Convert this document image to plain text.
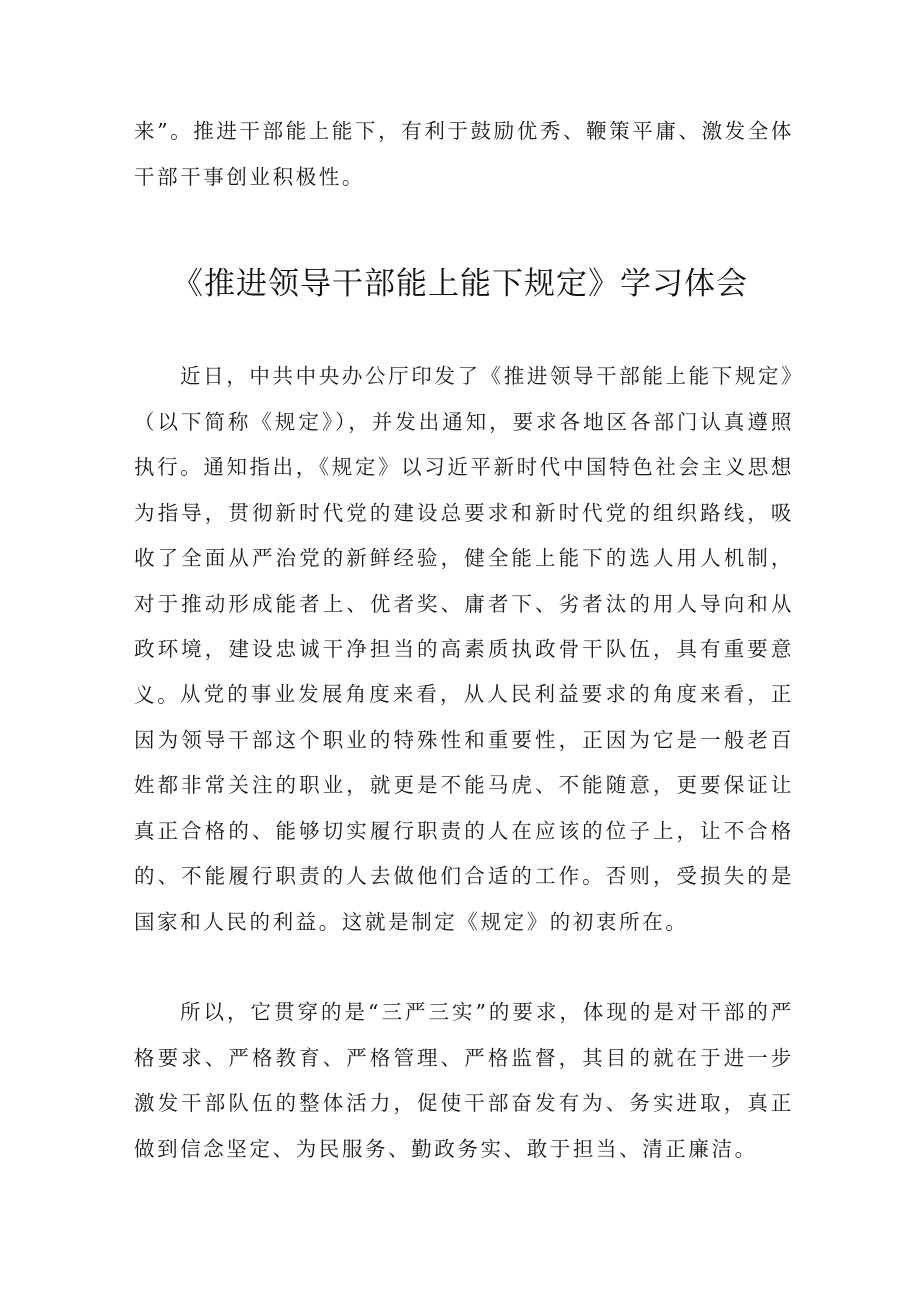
来”。推进干部能上能下，有利于鼓励优秀、鞭策平庸、激发全体干部干事创业积极性。

《推进领导干部能上能下规定》学习体会

近日，中共中央办公厅印发了《推进领导干部能上能下规定》（以下简称《规定》），并发出通知，要求各地区各部门认真遵照执行。通知指出，《规定》以习近平新时代中国特色社会主义思想为指导，贯彻新时代党的建设总要求和新时代党的组织路线，吸收了全面从严治党的新鲜经验，健全能上能下的选人用人机制，对于推动形成能者上、优者奖、庸者下、劣者汰的用人导向和从政环境，建设忠诚干净担当的高素质执政骨干队伍，具有重要意义。 从党的事业发展角度来看，从人民利益要求的角度来看，正因为领导干部这个职业的特殊性和重要性，正因为它是一般老百姓都非常关注的职业，就更是不能马虎、不能随意，更要保证让真正合格的、能够切实履行职责的人在应该的位子上，让不合格的、不能履行职责的人去做他们合适的工作。否则，受损失的是国家和人民的利益。这就是制定《规定》的初衷所在。

所以，它贯穿的是“三严三实”的要求，体现的是对干部的严格要求、严格教育、严格管理、严格监督，其目的就在于进一步激发干部队伍的整体活力，促使干部奋发有为、务实进取，真正做到信念坚定、为民服务、勤政务实、敢于担当、清正廉洁。
